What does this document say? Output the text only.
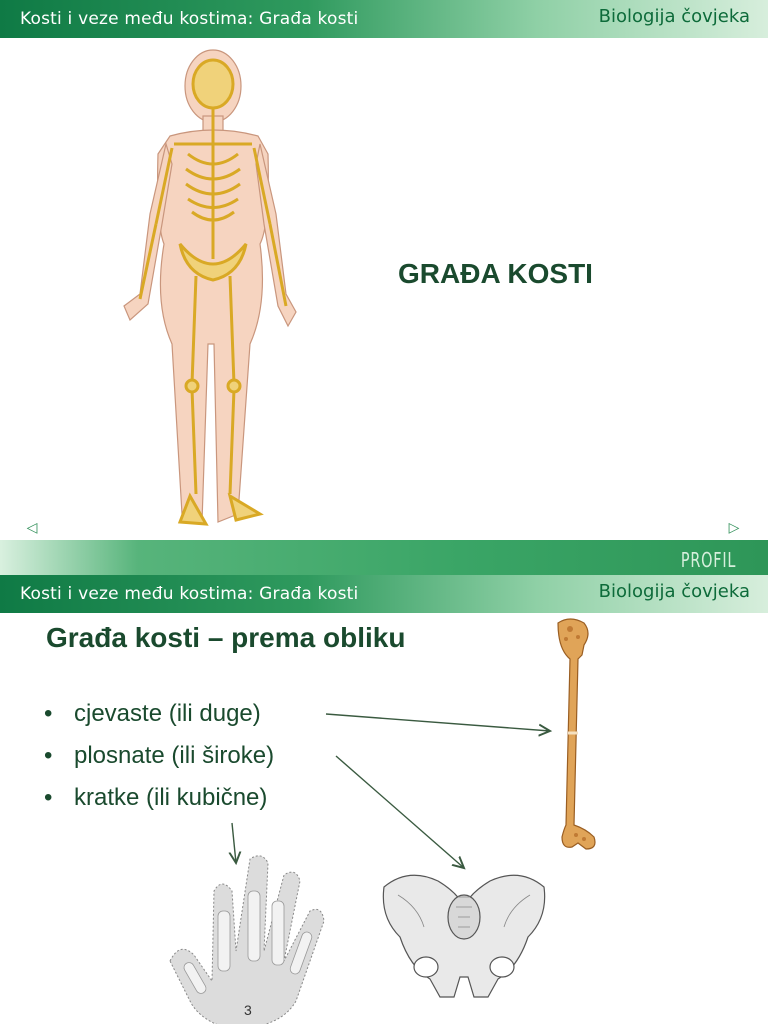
Kosti i veze među kostima: Građa kosti	Biologija čovjeka
GRAĐA KOSTI
◁	▷
PROFIL
Kosti i veze među kostima: Građa kosti	Biologija čovjeka
Građa kosti – prema obliku
• cjevaste (ili duge)
• plosnate (ili široke)
• kratke (ili kubične)
3
